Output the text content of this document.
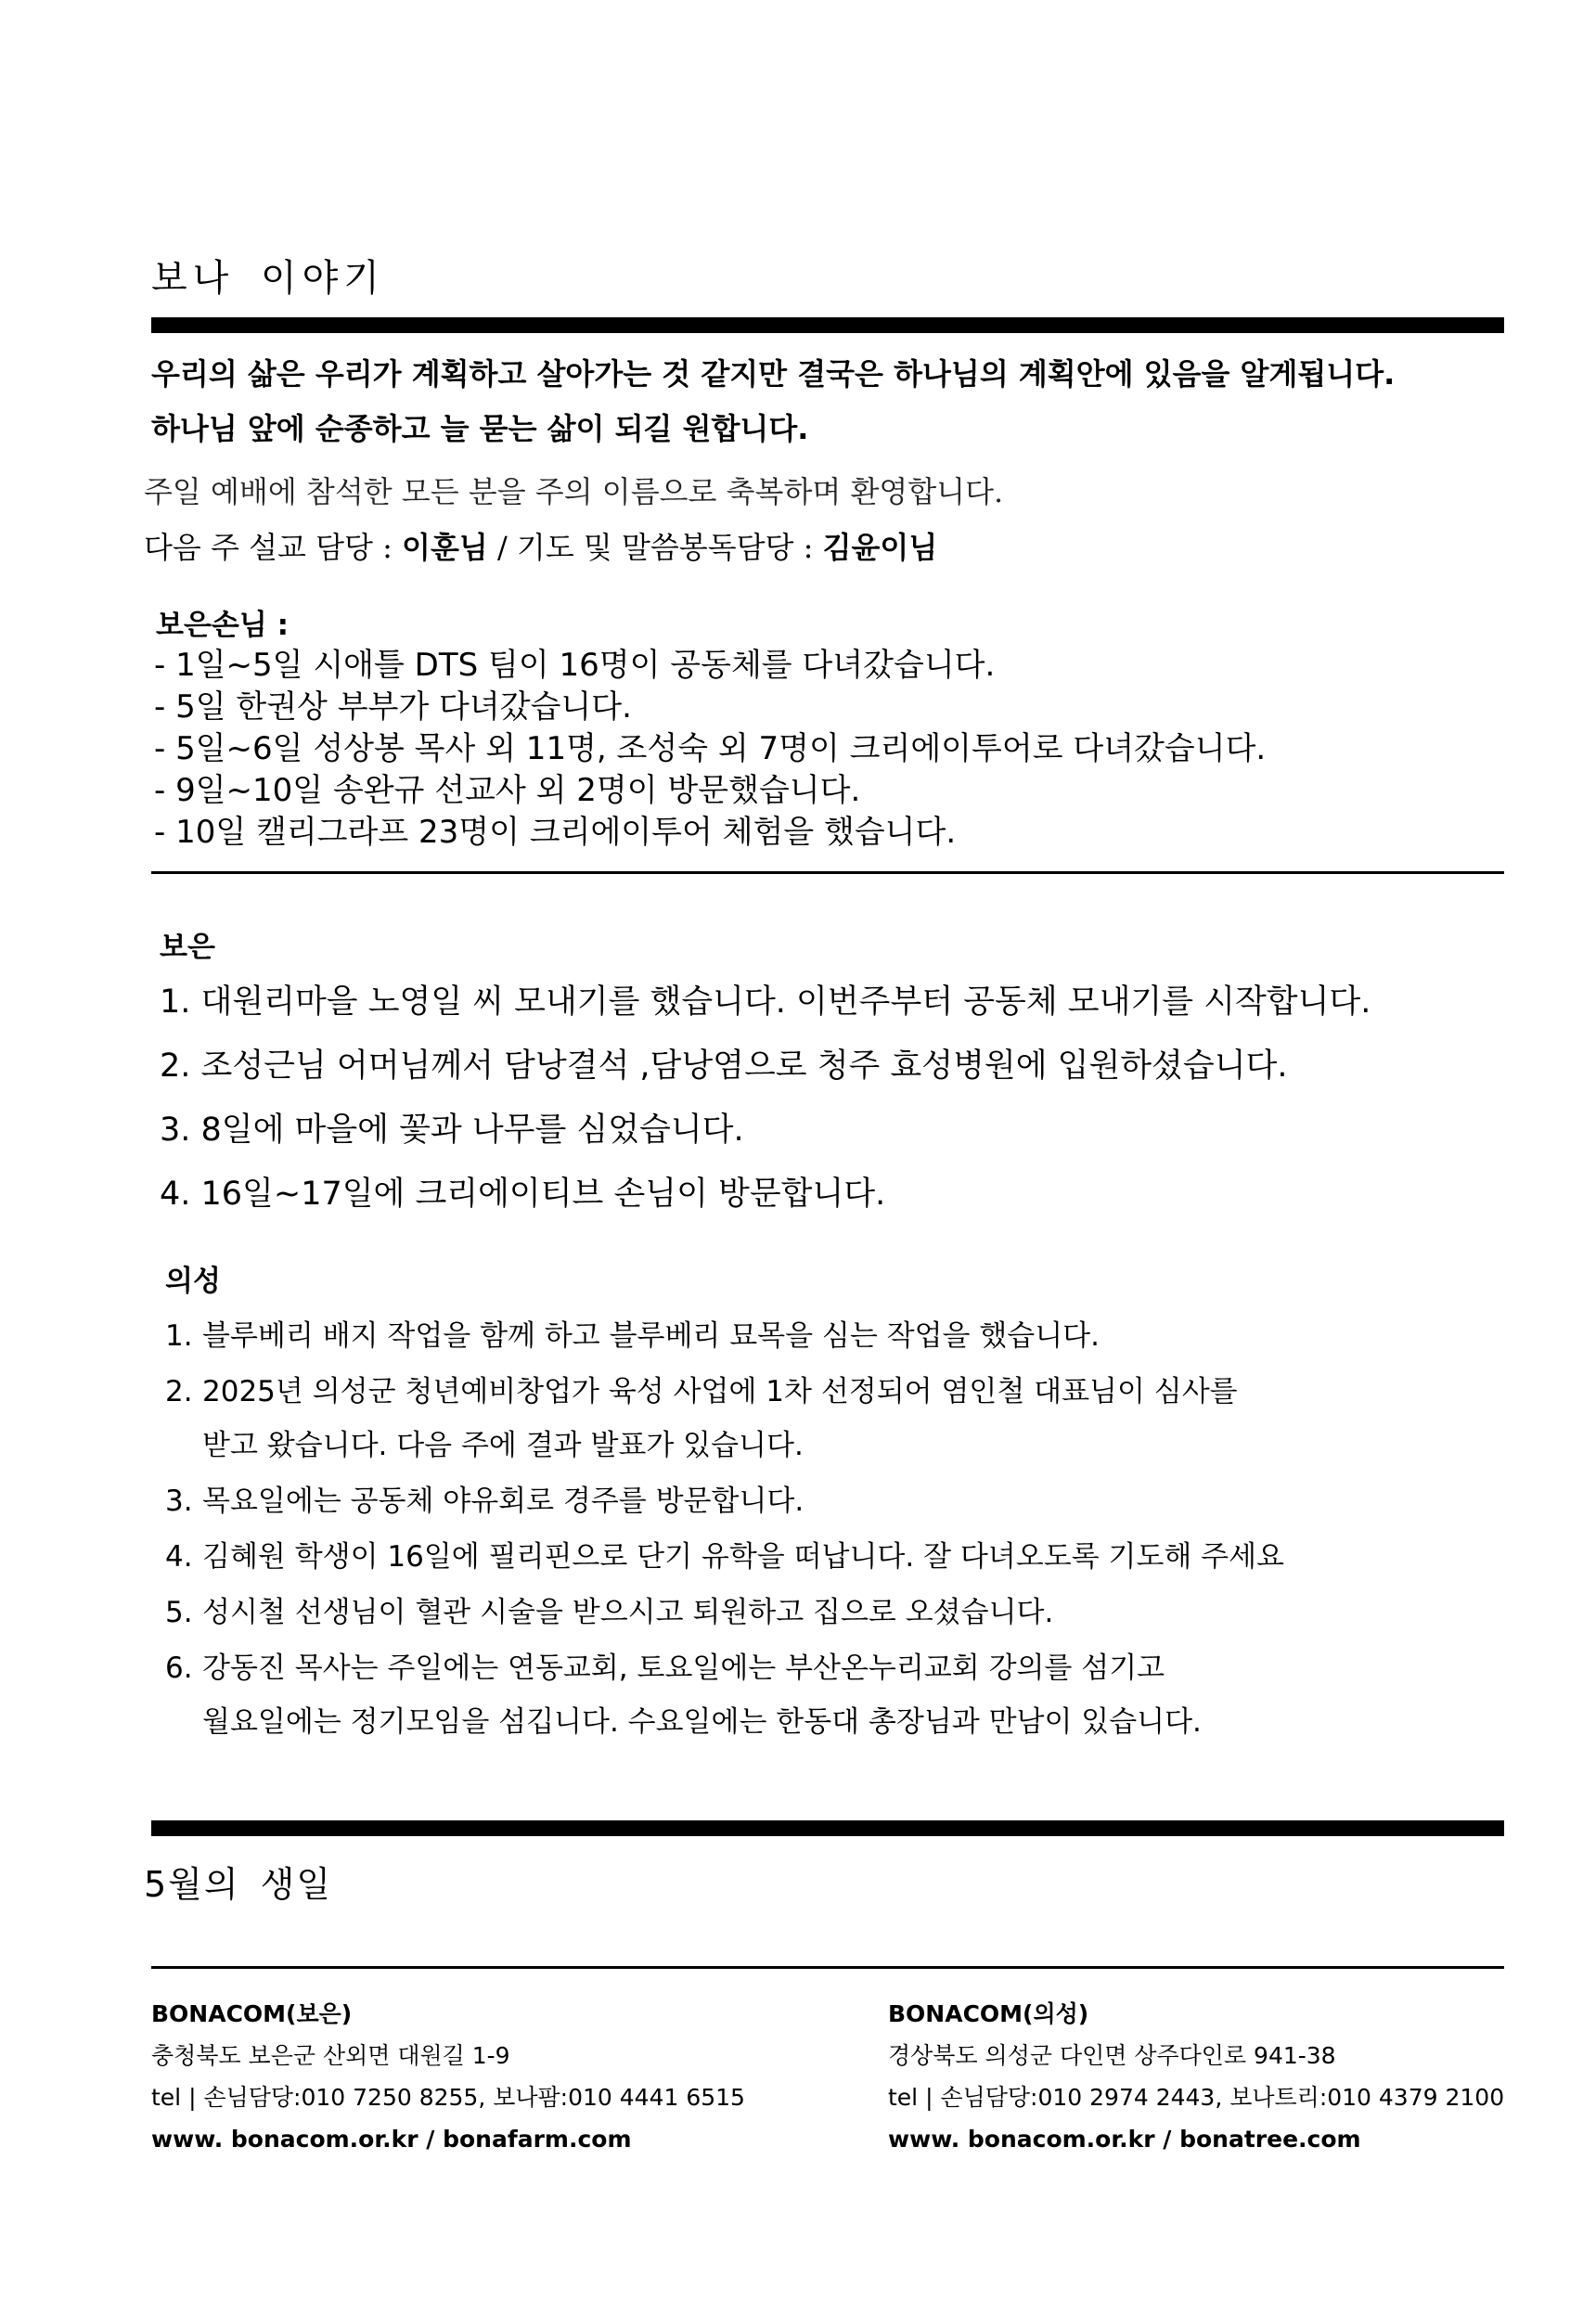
보나 이야기
우리의 삶은 우리가 계획하고 살아가는 것 같지만 결국은 하나님의 계획안에 있음을 알게됩니다.
하나님 앞에 순종하고 늘 묻는 삶이 되길 원합니다.
주일 예배에 참석한 모든 분을 주의 이름으로 축복하며 환영합니다.
다음 주 설교 담당 : 이훈님 / 기도 및 말씀봉독담당 : 김윤이님
보은손님 :
- 1일~5일 시애틀 DTS 팀이 16명이 공동체를 다녀갔습니다.
- 5일 한권상 부부가 다녀갔습니다.
- 5일~6일 성상봉 목사 외 11명, 조성숙 외 7명이 크리에이투어로 다녀갔습니다.
- 9일~10일 송완규 선교사 외 2명이 방문했습니다.
- 10일 캘리그라프 23명이 크리에이투어 체험을 했습니다.
보은
1. 대원리마을 노영일 씨 모내기를 했습니다. 이번주부터 공동체 모내기를 시작합니다.
2. 조성근님 어머님께서 담낭결석 ,담낭염으로 청주 효성병원에 입원하셨습니다.
3. 8일에 마을에 꽃과 나무를 심었습니다.
4. 16일~17일에 크리에이티브 손님이 방문합니다.
의성
1. 블루베리 배지 작업을 함께 하고 블루베리 묘목을 심는 작업을 했습니다.
2. 2025년 의성군 청년예비창업가 육성 사업에 1차 선정되어 염인철 대표님이 심사를
받고 왔습니다. 다음 주에 결과 발표가 있습니다.
3. 목요일에는 공동체 야유회로 경주를 방문합니다.
4. 김혜원 학생이 16일에 필리핀으로 단기 유학을 떠납니다. 잘 다녀오도록 기도해 주세요
5. 성시철 선생님이 혈관 시술을 받으시고 퇴원하고 집으로 오셨습니다.
6. 강동진 목사는 주일에는 연동교회, 토요일에는 부산온누리교회 강의를 섬기고
월요일에는 정기모임을 섬깁니다. 수요일에는 한동대 총장님과 만남이 있습니다.
5월의 생일
BONACOM(보은)
충청북도 보은군 산외면 대원길 1-9
tel | 손님담당:010 7250 8255, 보나팜:010 4441 6515
www. bonacom.or.kr / bonafarm.com
BONACOM(의성)
경상북도 의성군 다인면 상주다인로 941-38
tel | 손님담당:010 2974 2443, 보나트리:010 4379 2100
www. bonacom.or.kr / bonatree.com
